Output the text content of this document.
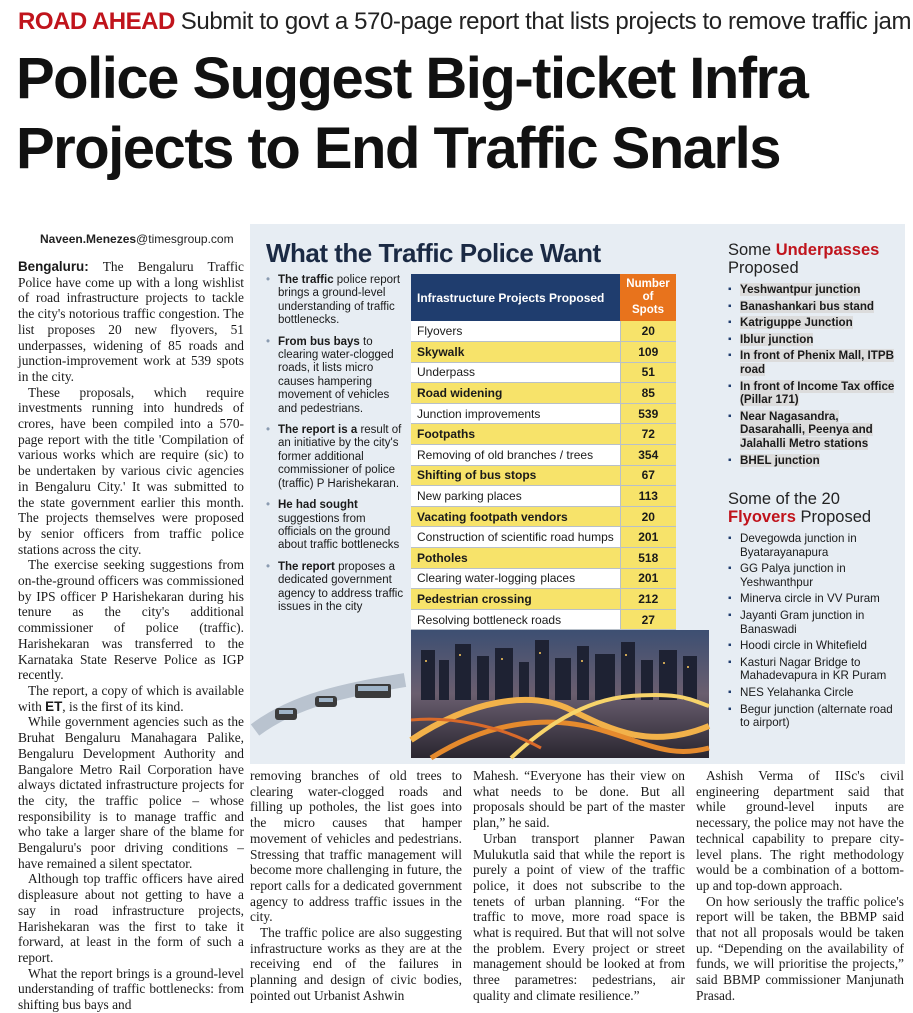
ROAD AHEAD Submit to govt a 570-page report that lists projects to remove traffic jam
Police Suggest Big-ticket Infra
Projects to End Traffic Snarls
Naveen.Menezes@timesgroup.com

Bengaluru: The Bengaluru Traffic Police have come up with a long wishlist of road infrastructure projects to tackle the city's notorious traffic congestion. The list proposes 20 new flyovers, 51 underpasses, widening of 85 roads and junction-improvement work at 539 spots in the city.

These proposals, which require investments running into hundreds of crores, have been compiled into a 570-page report with the title 'Compilation of various works which are require (sic) to be undertaken by various civic agencies in Bengaluru City.' It was submitted to the state government earlier this month. The projects themselves were proposed by senior officers from traffic police stations across the city.

The exercise seeking suggestions from on-the-ground officers was commissioned by IPS officer P Harishekaran during his tenure as the city's additional commissioner of police (traffic). Harishekaran was transferred to the Karnataka State Reserve Police as IGP recently.

The report, a copy of which is available with ET, is the first of its kind.

While government agencies such as the Bruhat Bengaluru Manahagara Palike, Bengaluru Development Authority and Bangalore Metro Rail Corporation have always dictated infrastructure projects for the city, the traffic police – whose responsibility is to manage traffic and who take a larger share of the blame for Bengaluru's poor driving conditions – have remained a silent spectator.

Although top traffic officers have aired displeasure about not getting to have a say in road infrastructure projects, Harishekaran was the first to take it forward, at least in the form of such a report.

What the report brings is a ground-level understanding of traffic bottlenecks: from shifting bus bays and

What the Traffic Police Want
• The traffic police report brings a ground-level understanding of traffic bottlenecks.
• From bus bays to clearing water-clogged roads, it lists micro causes hampering movement of vehicles and pedestrians.
• The report is a result of an initiative by the city's former additional commissioner of police (traffic) P Harishekaran.
• He had sought suggestions from officials on the ground about traffic bottlenecks
• The report proposes a dedicated government agency to address traffic issues in the city
Infrastructure Projects Proposed	Number
of Spots
Flyovers	20
Skywalk	109
Underpass	51
Road widening	85
Junction improvements	539
Footpaths	72
Removing of old branches / trees	354
Shifting of bus stops	67
New parking places	113
Vacating footpath vendors	20
Construction of scientific road humps	201
Potholes	518
Clearing water-logging places	201
Pedestrian crossing	212
Resolving bottleneck roads	27
Some Underpasses
Proposed
▪ Yeshwantpur junction
▪ Banashankari bus stand
▪ Katriguppe Junction
▪ Iblur junction
▪ In front of Phenix Mall, ITPB road
▪ In front of Income Tax office (Pillar 171)
▪ Near Nagasandra, Dasarahalli, Peenya and Jalahalli Metro stations
▪ BHEL junction
Some of the 20
Flyovers Proposed
▪ Devegowda junction in Byatarayanapura
▪ GG Palya junction in Yeshwanthpur
▪ Minerva circle in VV Puram
▪ Jayanti Gram junction in Banaswadi
▪ Hoodi circle in Whitefield
▪ Kasturi Nagar Bridge to Mahadevapura in KR Puram
▪ NES Yelahanka Circle
▪ Begur junction (alternate road to airport)

removing branches of old trees to clearing water-clogged roads and filling up potholes, the list goes into the micro causes that hamper movement of vehicles and pedestrians. Stressing that traffic management will become more challenging in future, the report calls for a dedicated government agency to address traffic issues in the city.

The traffic police are also suggesting infrastructure works as they are at the receiving end of the failures in planning and design of civic bodies, pointed out Urbanist Ashwin

Mahesh. “Everyone has their view on what needs to be done. But all proposals should be part of the master plan,” he said.

Urban transport planner Pawan Mulukutla said that while the report is purely a point of view of the traffic police, it does not subscribe to the tenets of urban planning. “For the traffic to move, more road space is what is required. But that will not solve the problem. Every project or street management should be looked at from three parametres: pedestrians, air quality and climate resilience.”

Ashish Verma of IISc's civil engineering department said that while ground-level inputs are necessary, the police may not have the technical capability to prepare city-level plans. The right methodology would be a combination of a bottom-up and top-down approach.

On how seriously the traffic police's report will be taken, the BBMP said that not all proposals would be taken up. “Depending on the availability of funds, we will prioritise the projects,” said BBMP commissioner Manjunath Prasad.
